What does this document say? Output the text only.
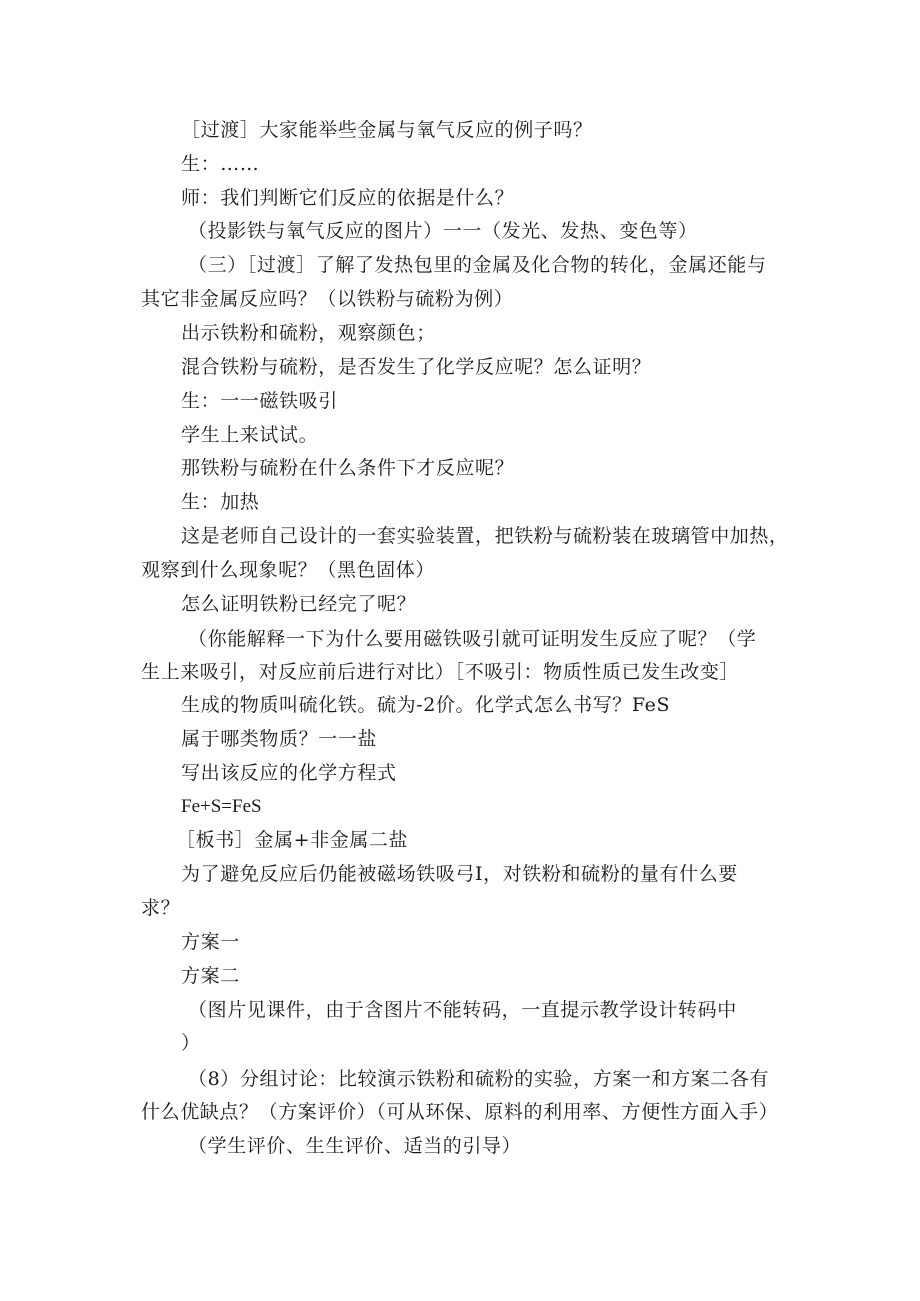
［过渡］大家能举些金属与氧气反应的例子吗？
生：……
师：我们判断它们反应的依据是什么？
（投影铁与氧气反应的图片）一一（发光、发热、变色等）
（三）［过渡］了解了发热包里的金属及化合物的转化，金属还能与
其它非金属反应吗？（以铁粉与硫粉为例）
出示铁粉和硫粉，观察颜色；
混合铁粉与硫粉，是否发生了化学反应呢？怎么证明？
生：一一磁铁吸引
学生上来试试。
那铁粉与硫粉在什么条件下才反应呢？
生：加热
这是老师自己设计的一套实验装置，把铁粉与硫粉装在玻璃管中加热，
观察到什么现象呢？（黑色固体）
怎么证明铁粉已经完了呢？
（你能解释一下为什么要用磁铁吸引就可证明发生反应了呢？（学
生上来吸引，对反应前后进行对比）［不吸引：物质性质已发生改变］
生成的物质叫硫化铁。硫为-2价。化学式怎么书写？FeS
属于哪类物质？一一盐
写出该反应的化学方程式
Fe+S=FeS
［板书］金属+非金属二盐
为了避免反应后仍能被磁场铁吸弓I，对铁粉和硫粉的量有什么要
求？
方案一
方案二
（图片见课件，由于含图片不能转码，一直提示教学设计转码中
）
（8）分组讨论：比较演示铁粉和硫粉的实验，方案一和方案二各有
什么优缺点？（方案评价）（可从环保、原料的利用率、方便性方面入手）
（学生评价、生生评价、适当的引导）
